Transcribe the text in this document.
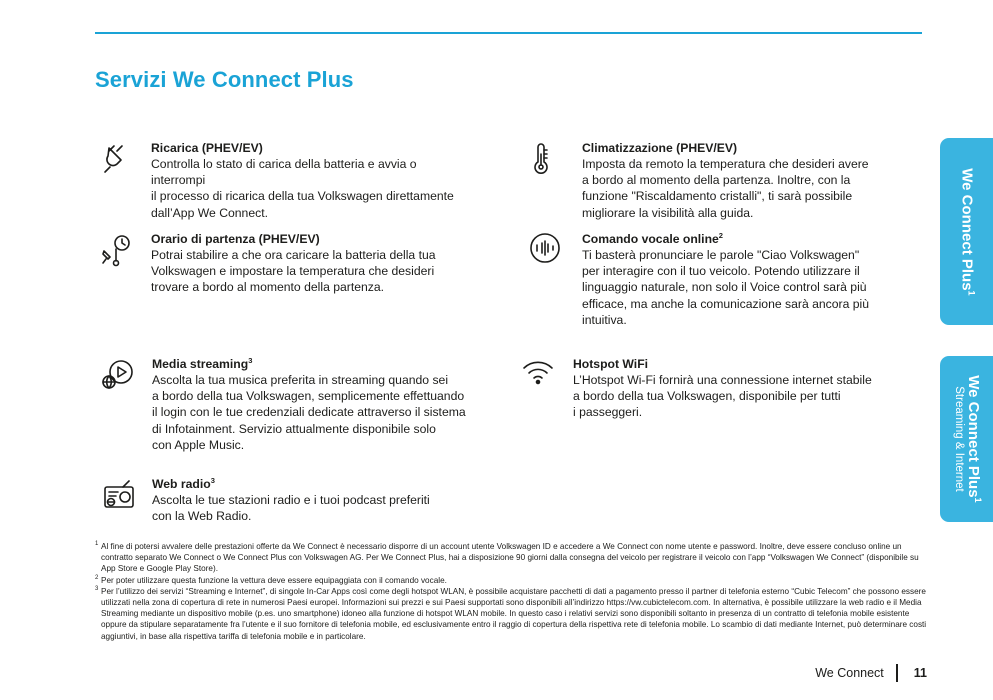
Servizi We Connect Plus
Ricarica (PHEV/EV)
Controlla lo stato di carica della batteria e avvia o interrompi
il processo di ricarica della tua Volkswagen direttamente
dall’App We Connect.
Orario di partenza (PHEV/EV)
Potrai stabilire a che ora caricare la batteria della tua
Volkswagen e impostare la temperatura che desideri
trovare a bordo al momento della partenza.
Media streaming$^3$
Ascolta la tua musica preferita in streaming quando sei
a bordo della tua Volkswagen, semplicemente effettuando
il login con le tue credenziali dedicate attraverso il sistema
di Infotainment. Servizio attualmente disponibile solo
con Apple Music.
Web radio$^3$
Ascolta le tue stazioni radio e i tuoi podcast preferiti
con la Web Radio.
Climatizzazione (PHEV/EV)
Imposta da remoto la temperatura che desideri avere
a bordo al momento della partenza. Inoltre, con la
funzione "Riscaldamento cristalli", ti sarà possibile
migliorare la visibilità alla guida.
Comando vocale online$^2$
Ti basterà pronunciare le parole "Ciao Volkswagen"
per interagire con il tuo veicolo. Potendo utilizzare il
linguaggio naturale, non solo il Voice control sarà più
efficace, ma anche la comunicazione sarà ancora più
intuitiva.
Hotspot WiFi
L’Hotspot Wi-Fi fornirà una connessione internet stabile
a bordo della tua Volkswagen, disponibile per tutti
i passeggeri.
We Connect Plus$^1$
We Connect Plus$^1$
Streaming & Internet
1 Al fine di potersi avvalere delle prestazioni offerte da We Connect è necessario disporre di un account utente Volkswagen ID e accedere a We Connect con nome utente e password. Inoltre, deve essere concluso online un contratto separato We Connect o We Connect Plus con Volkswagen AG. Per We Connect Plus, hai a disposizione 90 giorni dalla consegna del veicolo per registrare il veicolo con l’app “Volkswagen We Connect” (disponibile su App Store e Google Play Store).
2 Per poter utilizzare questa funzione la vettura deve essere equipaggiata con il comando vocale.
3 Per l’utilizzo dei servizi “Streaming e Internet”, di singole In-Car Apps così come degli hotspot WLAN, è possibile acquistare pacchetti di dati a pagamento presso il partner di telefonia esterno “Cubic Telecom” che possono essere utilizzati nella zona di copertura di rete in numerosi Paesi europei. Informazioni sui prezzi e sui Paesi supportati sono disponibili all’indirizzo https://vw.cubictelecom.com. In alternativa, è possibile utilizzare la web radio e il Media Streaming mediante un dispositivo mobile (p.es. uno smartphone) idoneo alla funzione di hotspot WLAN mobile. In questo caso i relativi servizi sono disponibili soltanto in presenza di un contratto di telefonia mobile esistente oppure da stipulare separatamente fra l’utente e il suo fornitore di telefonia mobile, ed esclusivamente entro il raggio di copertura della rispettiva rete di telefonia mobile. Lo scambio di dati mediante Internet, può determinare costi aggiuntivi, in base alla rispettiva tariffa di telefonia mobile e in particolare.
We Connect 11
